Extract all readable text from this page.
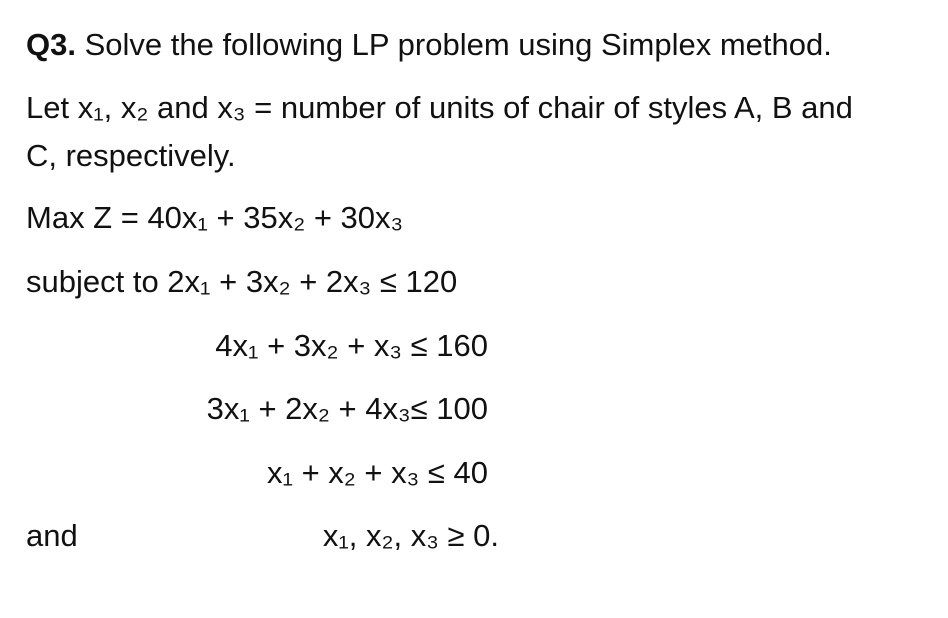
Q3. Solve the following LP problem using Simplex method.
Let x₁, x₂ and x₃ = number of units of chair of styles A, B and
C, respectively.
Max Z = 40x₁ + 35x₂ + 30x₃
subject to 2x₁ + 3x₂ + 2x₃ ≤ 120
4x₁ + 3x₂ + x₃ ≤ 160
3x₁ + 2x₂ + 4x₃≤ 100
x₁ + x₂ + x₃ ≤ 40
and	x₁, x₂, x₃ ≥ 0.
